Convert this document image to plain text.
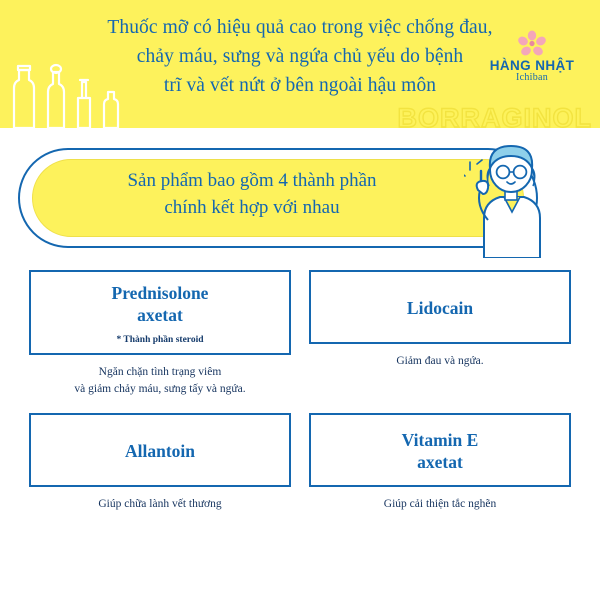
Thuốc mỡ có hiệu quả cao trong việc chống đau,
chảy máu, sưng và ngứa chủ yếu do bệnh
trĩ và vết nứt ở bên ngoài hậu môn
HÀNG NHẬT
Ichiban
BORRAGINOL
Sản phẩm bao gồm 4 thành phần
chính kết hợp với nhau
Prednisolone
axetat
* Thành phần steroid
Ngăn chặn tình trạng viêm
và giảm chảy máu, sưng tấy và ngứa.
Lidocain
Giảm đau và ngứa.
Allantoin
Giúp chữa lành vết thương
Vitamin E
axetat
Giúp cải thiện tắc nghẽn
